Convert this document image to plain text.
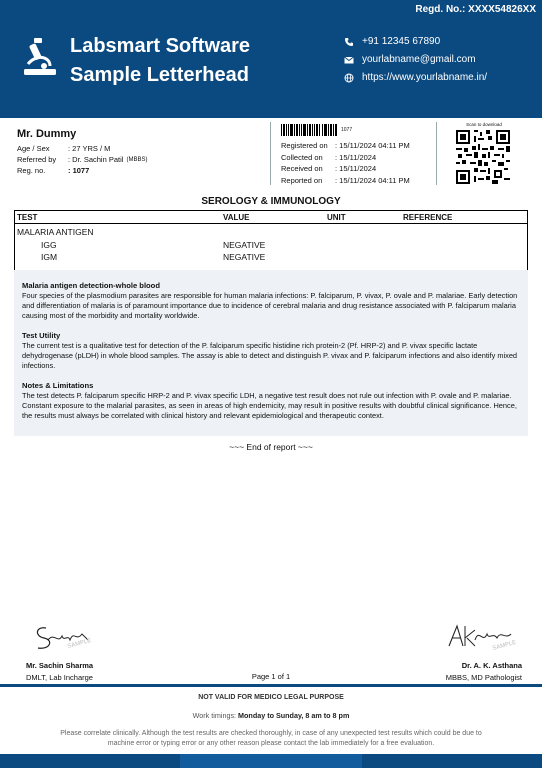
Regd. No.: XXXX54826XX
Labsmart Software
Sample Letterhead
+91 12345 67890
yourlabname@gmail.com
https://www.yourlabname.in/
Mr. Dummy
Age / Sex	: 27 YRS / M
Referred by	: Dr. Sachin Patil (MBBS)
Reg. no.	: 1077
1077
Registered on : 15/11/2024 04:11 PM
Collected on	: 15/11/2024
Received on	: 15/11/2024
Reported on	: 15/11/2024 04:11 PM
Scan to download
SEROLOGY & IMMUNOLOGY
TEST	VALUE	UNIT	REFERENCE
MALARIA ANTIGEN
IGG	NEGATIVE
IGM	NEGATIVE
Malaria antigen detection-whole blood

Four species of the plasmodium parasites are responsible for human malaria infections: P. falciparum, P. vivax, P. ovale and P. malariae. Early detection and differentiation of malaria is of paramount importance due to incidence of cerebral malaria and drug resistance associated with P. falciparum malaria causing most of the morbidity and mortality worldwide.

Test Utility

The current test is a qualitative test for detection of the P. falciparum specific histidine rich protein-2 (Pf. HRP-2) and P. vivax specific lactate dehydrogenase (pLDH) in whole blood samples. The assay is able to detect and distinguish P. vivax and P. falciparum infections and also identify mixed infections.

Notes & Limitations

The test detects P. falciparum specific HRP-2 and P. vivax specific LDH, a negative test result does not rule out infection with P. ovale and P. malariae. Constant exposure to the malarial parasites, as seen in areas of high endemicity, may result in positive results with doubtful clinical significance. Hence, the results must always be correlated with clinical history and relevant epidemiological and therapeutic context.

~~~ End of report ~~~
SAMPLE	SAMPLE
Mr. Sachin Sharma
DMLT, Lab Incharge	Page 1 of 1
Dr. A. K. Asthana
MBBS, MD Pathologist
NOT VALID FOR MEDICO LEGAL PURPOSE
Work timings: Monday to Sunday, 8 am to 8 pm
Please correlate clinically. Although the test results are checked thoroughly, in case of any unexpected test results which could be due to machine error or typing error or any other reason please contact the lab immediately for a free evaluation.
